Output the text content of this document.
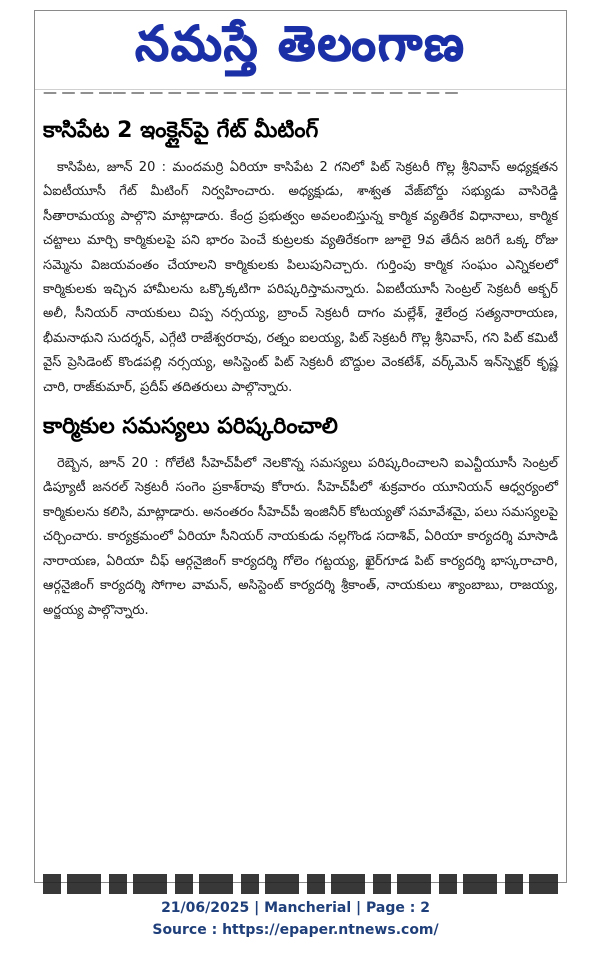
నమస్తే తెలంగాణ
— — — —— — — — — — — — — — — — — — — — — — —
కాసిపేట 2 ఇంక్లైన్‌పై గేట్ మీటింగ్

కాసిపేట, జూన్ 20 : మందమర్రి ఏరియా కాసిపేట 2 గనిలో పిట్ సెక్రటరీ గొల్ల శ్రీనివాస్ అధ్యక్షతన ఏఐటీయూసీ గేట్ మీటింగ్ నిర్వహించారు. అధ్యక్షుడు, శాశ్వత వేజ్‌బోర్డు సభ్యుడు వాసిరెడ్డి సీతారామయ్య పాల్గొని మాట్లాడారు. కేంద్ర ప్రభుత్వం అవలంబిస్తున్న కార్మిక వ్యతిరేక విధానాలు, కార్మిక చట్టాలు మార్చి కార్మికులపై పని భారం పెంచే కుట్రలకు వ్యతిరేకంగా జూలై 9వ తేదీన జరిగే ఒక్క రోజు సమ్మెను విజయవంతం చేయాలని కార్మికులకు పిలుపునిచ్చారు. గుర్తింపు కార్మిక సంఘం ఎన్నికలలో కార్మికులకు ఇచ్చిన హామీలను ఒక్కొక్కటిగా పరిష్కరిస్తామన్నారు. ఏఐటీయూసీ సెంట్రల్ సెక్రటరీ అక్బర్ అలీ, సీనియర్ నాయకులు చిప్ప నర్సయ్య, బ్రాంచ్ సెక్రటరీ దాగం మల్లేశ్, శైలేంద్ర సత్యనారాయణ, భీమనాథుని సుదర్శన్, ఎగ్గేటి రాజేశ్వరరావు, రత్నం ఐలయ్య, పిట్ సెక్రటరీ గొల్ల శ్రీనివాస్, గని పిట్ కమిటీ వైస్ ప్రెసిడెంట్ కొండపల్లి నర్సయ్య, అసిస్టెంట్ పిట్ సెక్రటరీ బొద్దుల వెంకటేశ్, వర్క్‌మెన్ ఇన్‌స్పెక్టర్ కృష్ణ చారి, రాజ్‌కుమార్, ప్రదీప్ తదితరులు పాల్గొన్నారు.

కార్మికుల సమస్యలు పరిష్కరించాలి

రెబ్బెన, జూన్ 20 : గోలేటి సీహెచ్‌పీలో నెలకొన్న సమస్యలు పరిష్కరించాలని ఐఎన్టీయూసీ సెంట్రల్ డిప్యూటీ జనరల్ సెక్రటరీ సంగెం ప్రకాశ్‌రావు కోరారు. సీహెచ్‌పీలో శుక్రవారం యూనియన్ ఆధ్వర్యంలో కార్మికులను కలిసి, మాట్లాడారు. అనంతరం సీహెచ్‌పీ ఇంజినీర్ కోటయ్యతో సమావేశమై, పలు సమస్యలపై చర్చించారు. కార్యక్రమంలో ఏరియా సీనియర్ నాయకుడు నల్లగొండ సదాశివ్, ఏరియా కార్యదర్శి మాసాడి నారాయణ, ఏరియా చీఫ్ ఆర్గనైజింగ్ కార్యదర్శి గోలెం గట్టయ్య, ఖైర్‌గూడ పిట్ కార్యదర్శి భాస్కరాచారి, ఆర్గనైజింగ్ కార్యదర్శి సోగాల వామన్, అసిస్టెంట్ కార్యదర్శి శ్రీకాంత్, నాయకులు శ్యాంబాబు, రాజయ్య, అర్జయ్య పాల్గొన్నారు.

21/06/2025 | Mancherial | Page : 2
Source : https://epaper.ntnews.com/
